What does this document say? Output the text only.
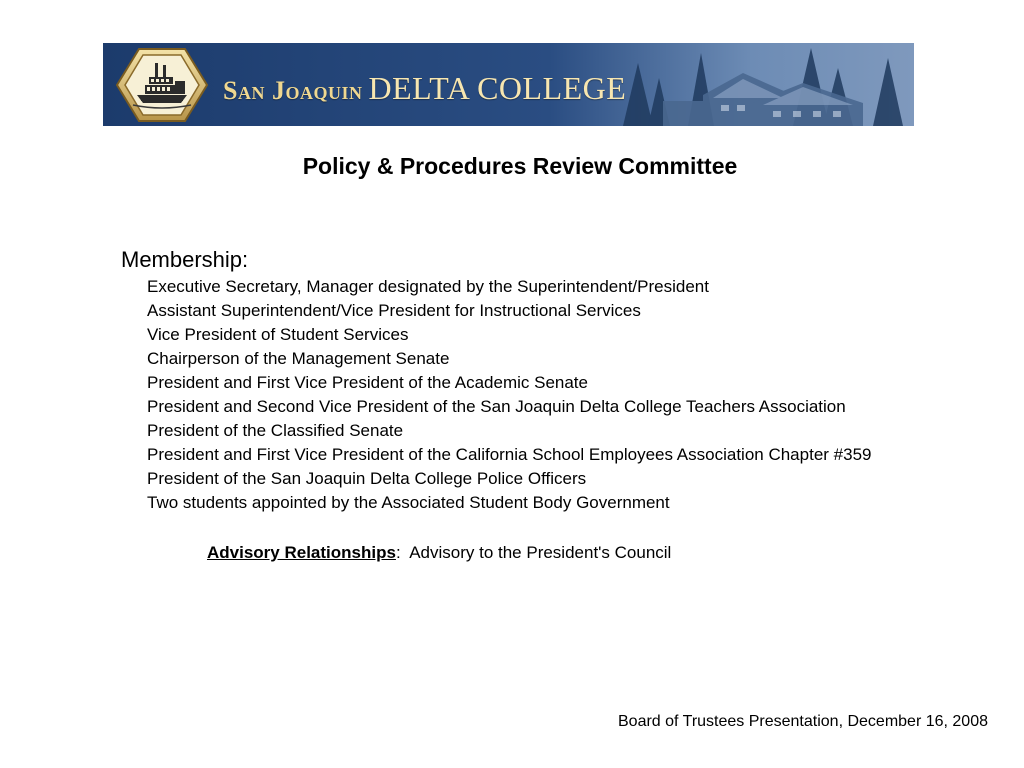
San Joaquin DELTA COLLEGE
Policy & Procedures Review Committee
Membership:
Executive Secretary, Manager designated by the Superintendent/President
Assistant Superintendent/Vice President for Instructional Services
Vice President of Student Services
Chairperson of the Management Senate
President and First Vice President of the Academic Senate
President and Second Vice President of the San Joaquin Delta College Teachers Association
President of the Classified Senate
President and First Vice President of the California School Employees Association Chapter #359
President of the San Joaquin Delta College Police Officers
Two students appointed by the Associated Student Body Government
Advisory Relationships: Advisory to the President's Council
Board of Trustees Presentation, December 16, 2008
